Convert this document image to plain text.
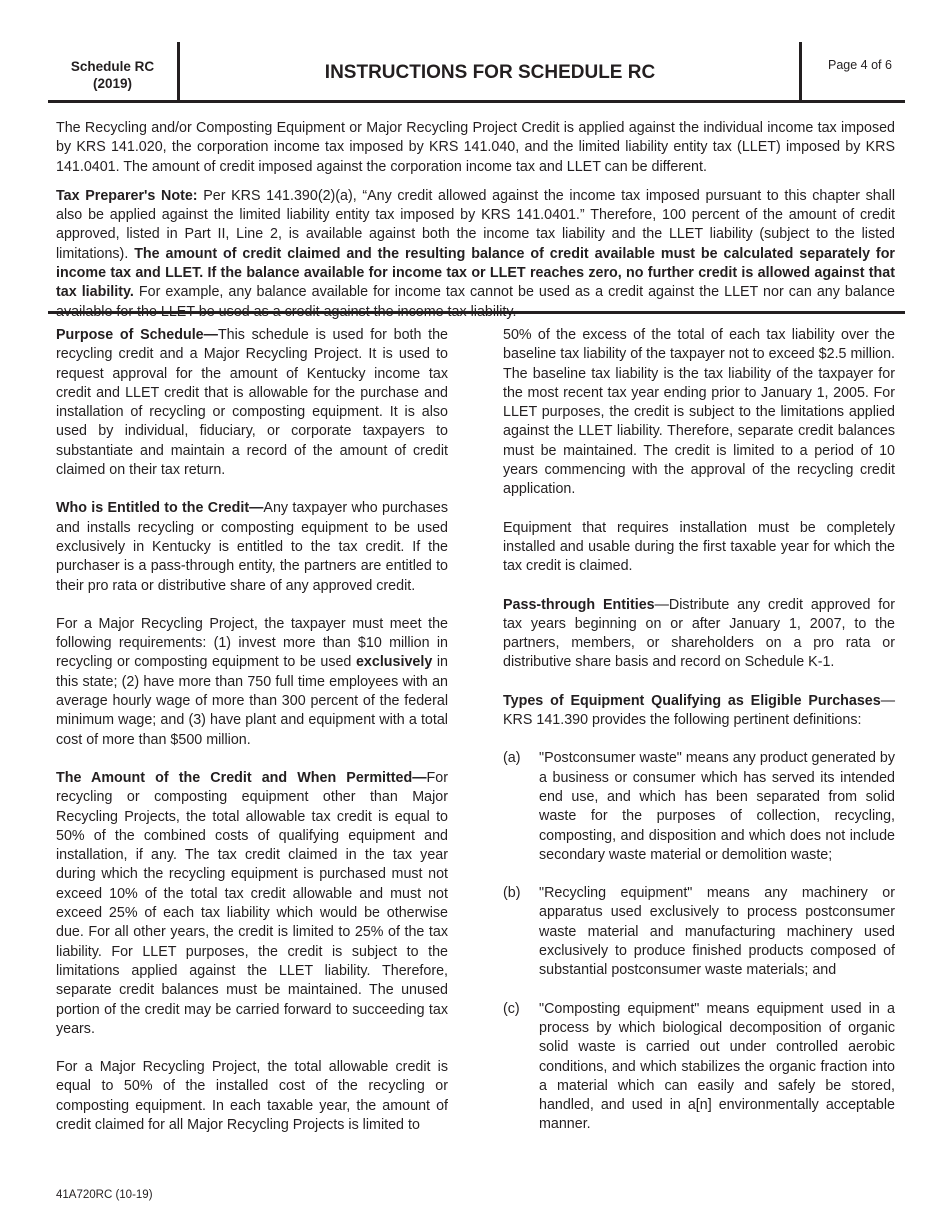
Schedule RC
(2019)
INSTRUCTIONS FOR SCHEDULE RC	Page 4 of 6

The Recycling and/or Composting Equipment or Major Recycling Project Credit is applied against the individual income tax imposed by KRS 141.020, the corporation income tax imposed by KRS 141.040, and the limited liability entity tax (LLET) imposed by KRS 141.0401. The amount of credit imposed against the corporation income tax and LLET can be different.

Tax Preparer's Note: Per KRS 141.390(2)(a), “Any credit allowed against the income tax imposed pursuant to this chapter shall also be applied against the limited liability entity tax imposed by KRS 141.0401.” Therefore, 100 percent of the amount of credit approved, listed in Part II, Line 2, is available against both the income tax liability and the LLET liability (subject to the listed limitations). The amount of credit claimed and the resulting balance of credit available must be calculated separately for income tax and LLET. If the balance available for income tax or LLET reaches zero, no further credit is allowed against that tax liability. For example, any balance available for income tax cannot be used as a credit against the LLET nor can any balance

Purpose of Schedule—This schedule is used for both the recycling credit and a Major Recycling Project. It is used to request approval for the amount of Kentucky income tax credit and LLET credit that is allowable for the purchase and installation of recycling or composting equipment. It is also used by individual, fiduciary, or corporate taxpayers to substantiate and maintain a record of the amount of credit claimed on their tax return.

Who is Entitled to the Credit—Any taxpayer who purchases and installs recycling or composting equipment to be used exclusively in Kentucky is entitled to the tax credit. If the purchaser is a pass-through entity, the partners are entitled to their pro rata or distributive share of any approved credit.

For a Major Recycling Project, the taxpayer must meet the following requirements: (1) invest more than $10 million in recycling or composting equipment to be used exclusively in this state; (2) have more than 750 full time employees with an average hourly wage of more than 300 percent of the federal minimum wage; and (3) have plant and equipment with a total cost of more than $500 million.

The Amount of the Credit and When Permitted—For recycling or composting equipment other than Major Recycling Projects, the total allowable tax credit is equal to 50% of the combined costs of qualifying equipment and installation, if any. The tax credit claimed in the tax year during which the recycling equipment is purchased must not exceed 10% of the total tax credit allowable and must not exceed 25% of each tax liability which would be otherwise due. For all other years, the credit is limited to 25% of the tax liability. For LLET purposes, the credit is subject to the limitations applied against the LLET liability. Therefore, separate credit balances must be maintained. The unused portion of the credit may be carried forward to succeeding tax years.

For a Major Recycling Project, the total allowable credit is equal to 50% of the installed cost of the recycling or composting equipment. In each taxable year, the amount of credit claimed for all Major Recycling Projects is limited to

50% of the excess of the total of each tax liability over the baseline tax liability of the taxpayer not to exceed $2.5 million. The baseline tax liability is the tax liability of the taxpayer for the most recent tax year ending prior to January 1, 2005. For LLET purposes, the credit is subject to the limitations applied against the LLET liability. Therefore, separate credit balances must be maintained. The credit is limited to a period of 10 years commencing with the approval of the recycling credit application.

Equipment that requires installation must be completely installed and usable during the first taxable year for which the tax credit is claimed.

Pass-through Entities—Distribute any credit approved for tax years beginning on or after January 1, 2007, to the partners, members, or shareholders on a pro rata or distributive share basis and record on Schedule K-1.

Types of Equipment Qualifying as Eligible Purchases—KRS 141.390 provides the following pertinent definitions:

(a)	"Postconsumer waste" means any product generated by a business or consumer which has served its intended end use, and which has been separated from solid waste for the purposes of collection, recycling, composting, and disposition and which does not include secondary waste material or demolition waste;
(b)	"Recycling equipment" means any machinery or apparatus used exclusively to process postconsumer waste material and manufacturing machinery used exclusively to produce finished products composed of substantial postconsumer waste materials; and
(c)	"Composting equipment" means equipment used in a process by which biological decomposition of organic solid waste is carried out under controlled aerobic conditions, and which stabilizes the organic fraction into a material which can easily and safely be stored, handled, and used in a[n] environmentally acceptable manner.
41A720RC (10-19)
